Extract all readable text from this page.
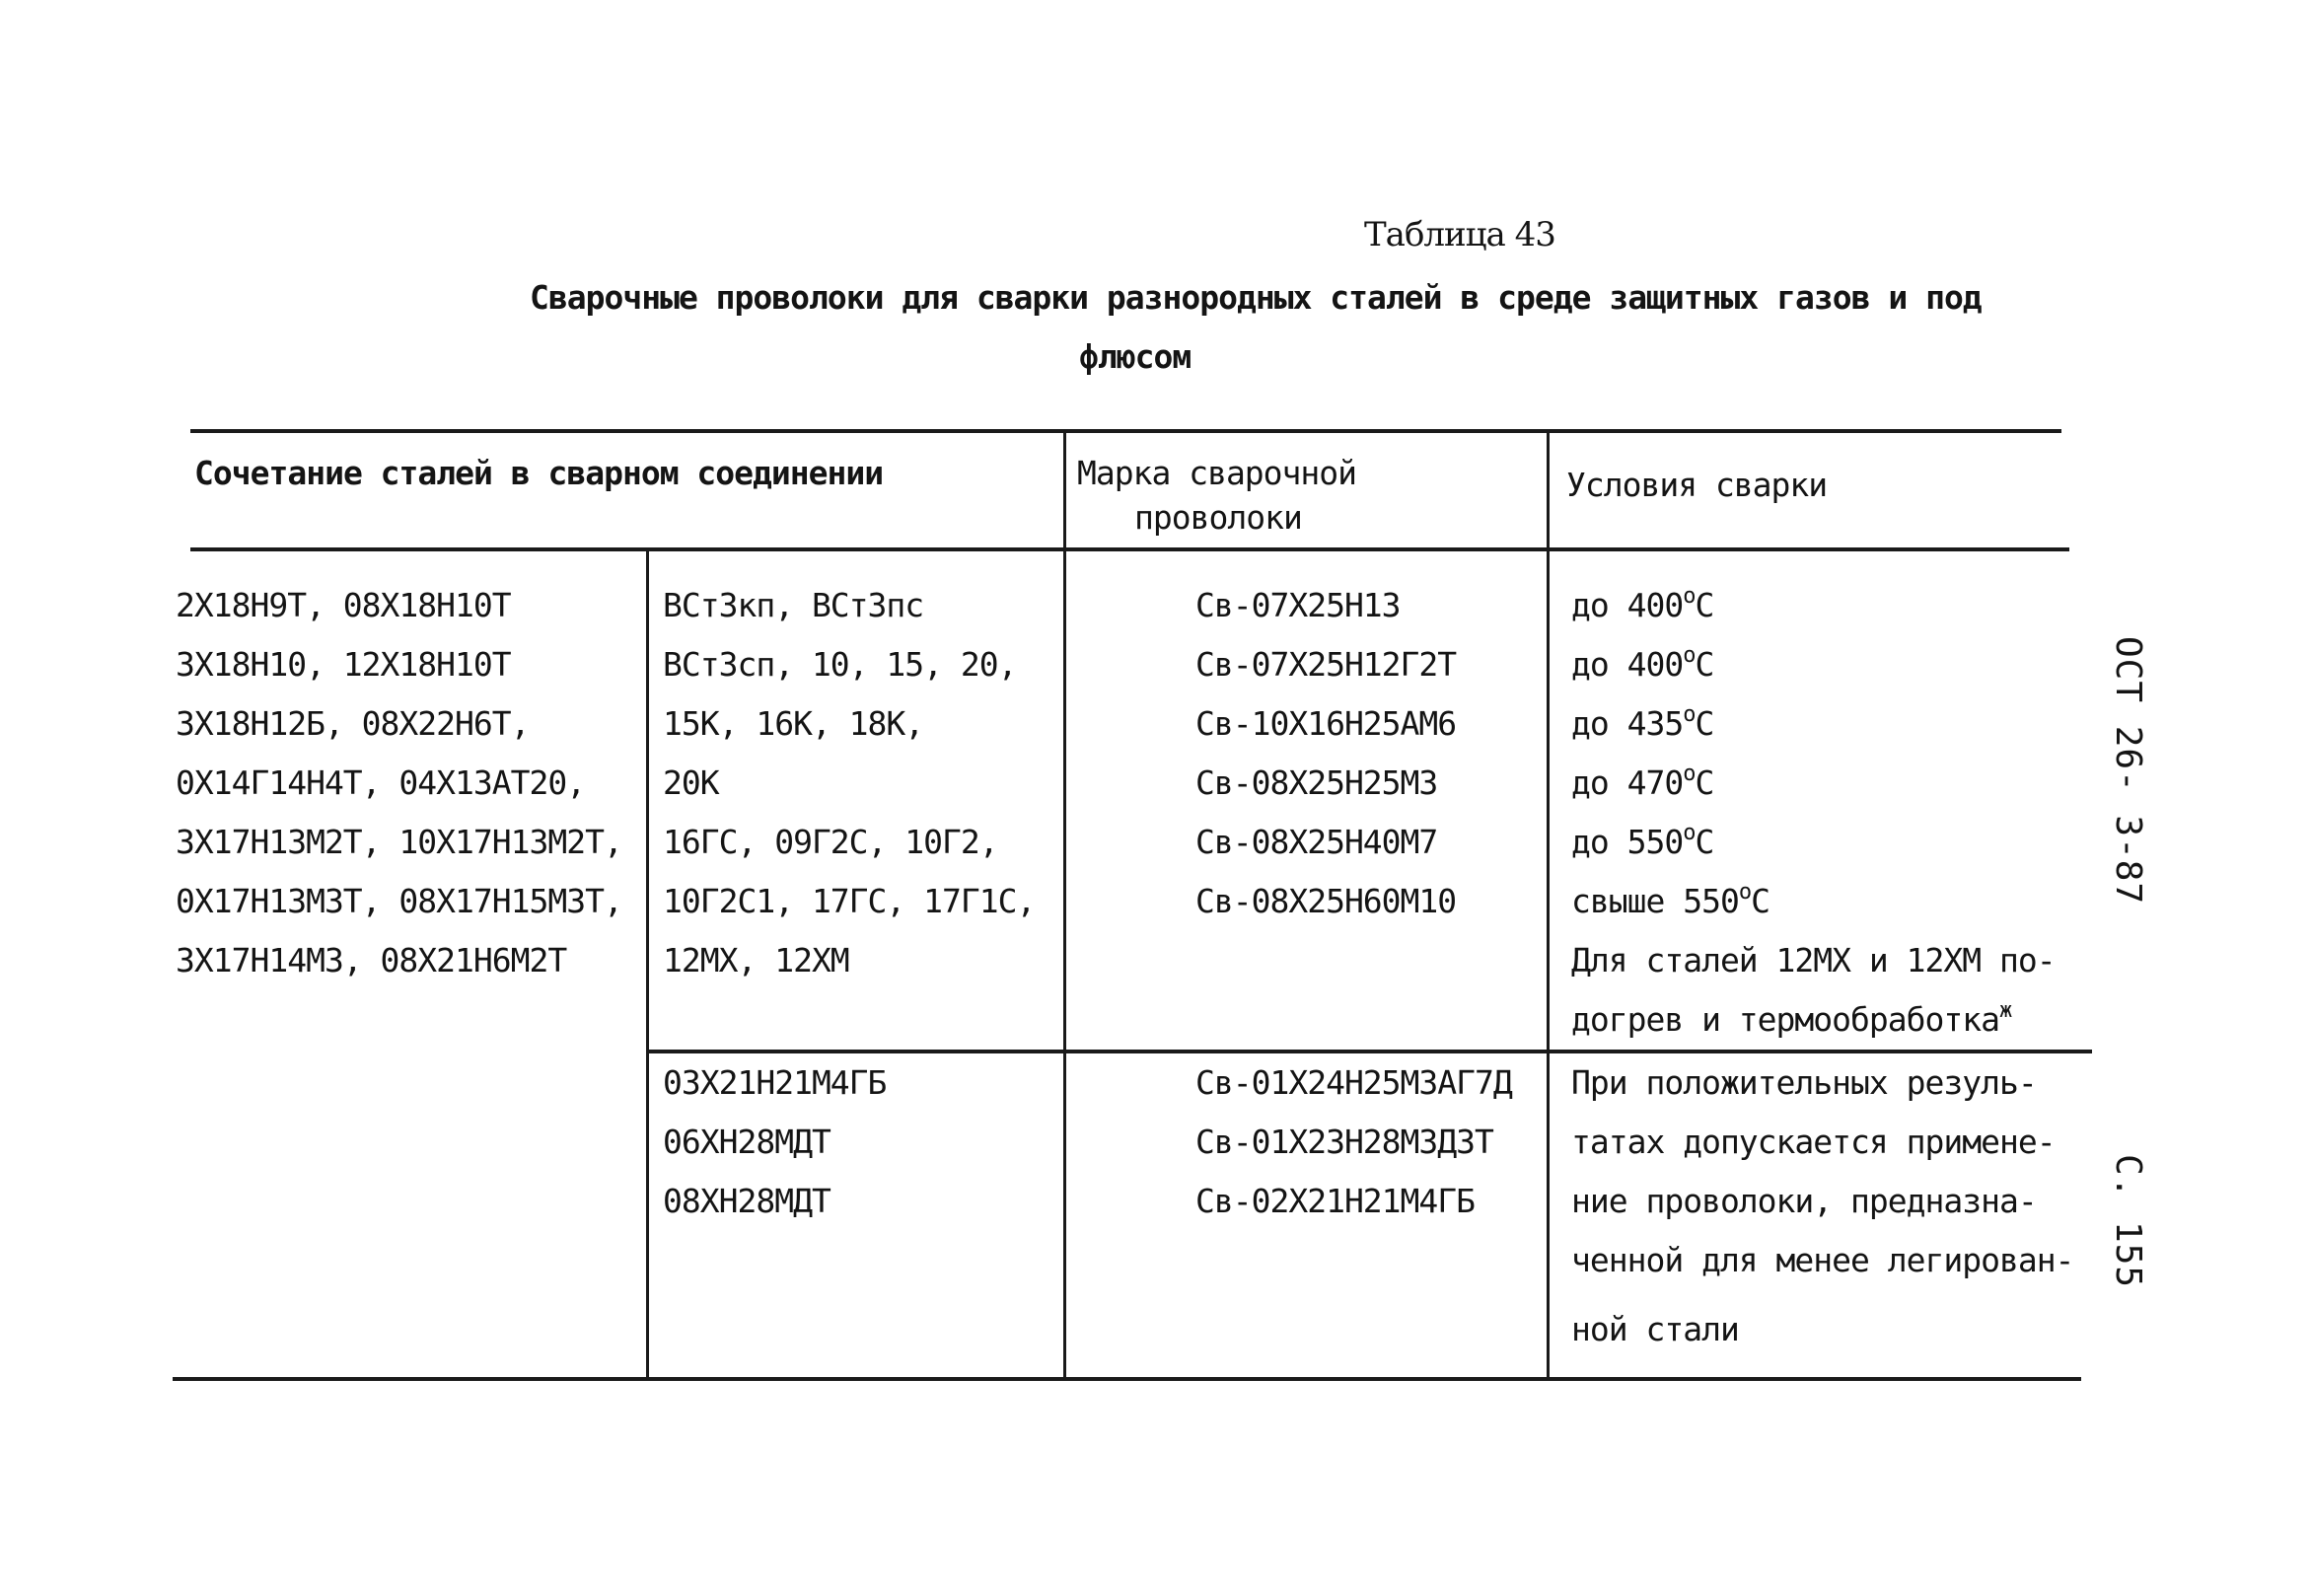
Таблица 43
Сварочные проволоки для сварки разнородных сталей в среде защитных газов и под
флюсом
Сочетание сталей в сварном соединении	Марка сварочной
проволоки
Условия сварки
2Х18Н9Т, 08Х18Н10Т
3Х18Н10, 12Х18Н10Т
3Х18Н12Б, 08Х22Н6Т,
0Х14Г14Н4Т, 04Х13АТ20,
3Х17Н13М2Т, 10Х17Н13М2Т,
0Х17Н13М3Т, 08Х17Н15М3Т,
3Х17Н14М3, 08Х21Н6М2Т
ВСт3кп, ВСт3пс
ВСт3сп, 10, 15, 20,
15К, 16К, 18К,
20К
16ГС, 09Г2С, 10Г2,
10Г2С1, 17ГС, 17Г1С,
12МХ, 12ХМ
Св-07Х25Н13
Св-07Х25Н12Г2Т
Св-10Х16Н25АМ6
Св-08Х25Н25М3
Св-08Х25Н40М7
Св-08Х25Н60М10
до $400^оС$
до $400^оС$
до $435^оС$
до $470^оС$
до $550^оС$
свыше $550^оС$
Для сталей 12МХ и 12ХМ по-
догрев и термообработка$^ж$
03Х21Н21М4ГБ
06ХН28МДТ
08ХН28МДТ
Св-01Х24Н25М3АГ7Д
Св-01Х23Н28М3Д3Т
Св-02Х21Н21М4ГБ
При положительных резуль-
татах допускается примене-
ние проволоки, предназна-
ченной для менее легирован-
ной стали
ОСТ 26- 3-87
С. 155
